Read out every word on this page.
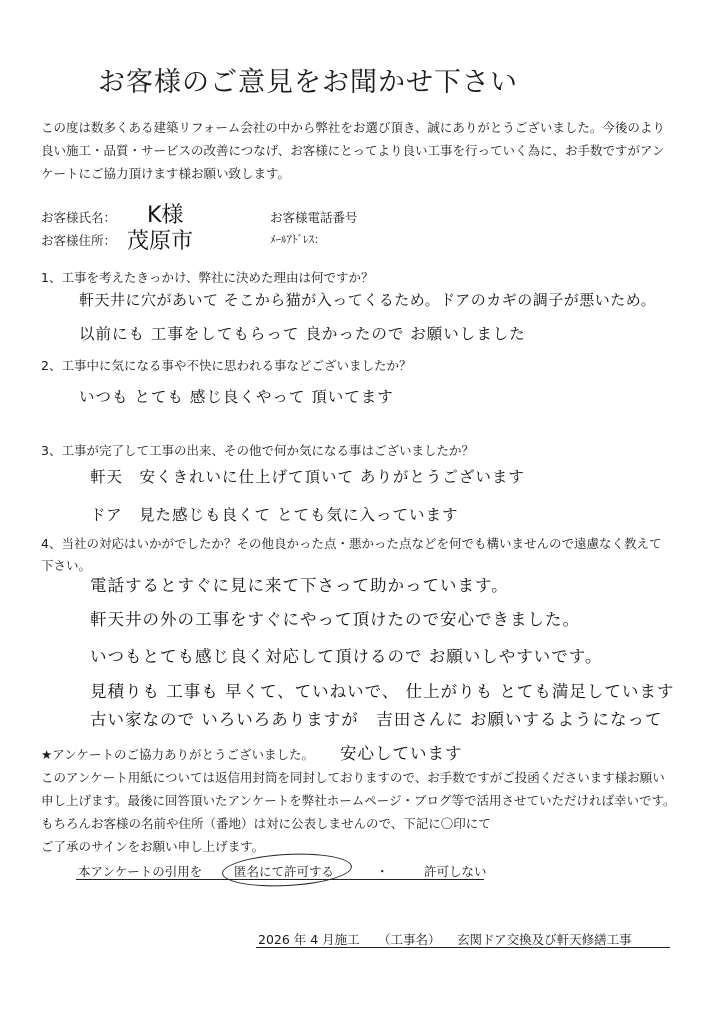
お客様のご意見をお聞かせ下さい
この度は数多くある建築リフォーム会社の中から弊社をお選び頂き、誠にありがとうございました。今後のより
良い施工・品質・サービスの改善につなげ、お客様にとってより良い工事を行っていく為に、お手数ですがアン
ケートにご協力頂けます様お願い致します。
お客様氏名： K様
お客様住所： 茂原市
お客様電話番号
ﾒｰﾙｱﾄﾞﾚｽ：
1、工事を考えたきっかけ、弊社に決めた理由は何ですか？
軒天井に穴があいて そこから猫が入ってくるため。ドアのカギの調子が悪いため。
以前にも 工事をしてもらって 良かったので お願いしました
2、工事中に気になる事や不快に思われる事などございましたか？
いつも とても 感じ良くやって 頂いてます
3、工事が完了して工事の出来、その他で何か気になる事はございましたか？
軒天　安くきれいに仕上げて頂いて ありがとうございます
ドア　見た感じも良くて とても気に入っています
4、当社の対応はいかがでしたか？その他良かった点・悪かった点などを何でも構いませんので遠慮なく教えて
下さい。
電話するとすぐに見に来て下さって助かっています。
軒天井の外の工事をすぐにやって頂けたので安心できました。
いつもとても感じ良く対応して頂けるので お願いしやすいです。
見積りも 工事も 早くて、ていねいで、 仕上がりも とても満足しています
古い家なので いろいろありますが　吉田さんに お願いするようになって
安心しています
★アンケートのご協力ありがとうございました。
このアンケート用紙については返信用封筒を同封しておりますので、お手数ですがご投函くださいます様お願い
申し上げます。最後に回答頂いたアンケートを弊社ホームページ・ブログ等で活用させていただければ幸いです。
もちろんお客様の名前や住所（番地）は対に公表しませんので、下記に〇印にて
ご了承のサインをお願い申し上げます。
本アンケートの引用を	匿名にて許可する	・	許可しない
2026 年 4 月施工 （工事名） 玄関ドア交換及び軒天修繕工事
